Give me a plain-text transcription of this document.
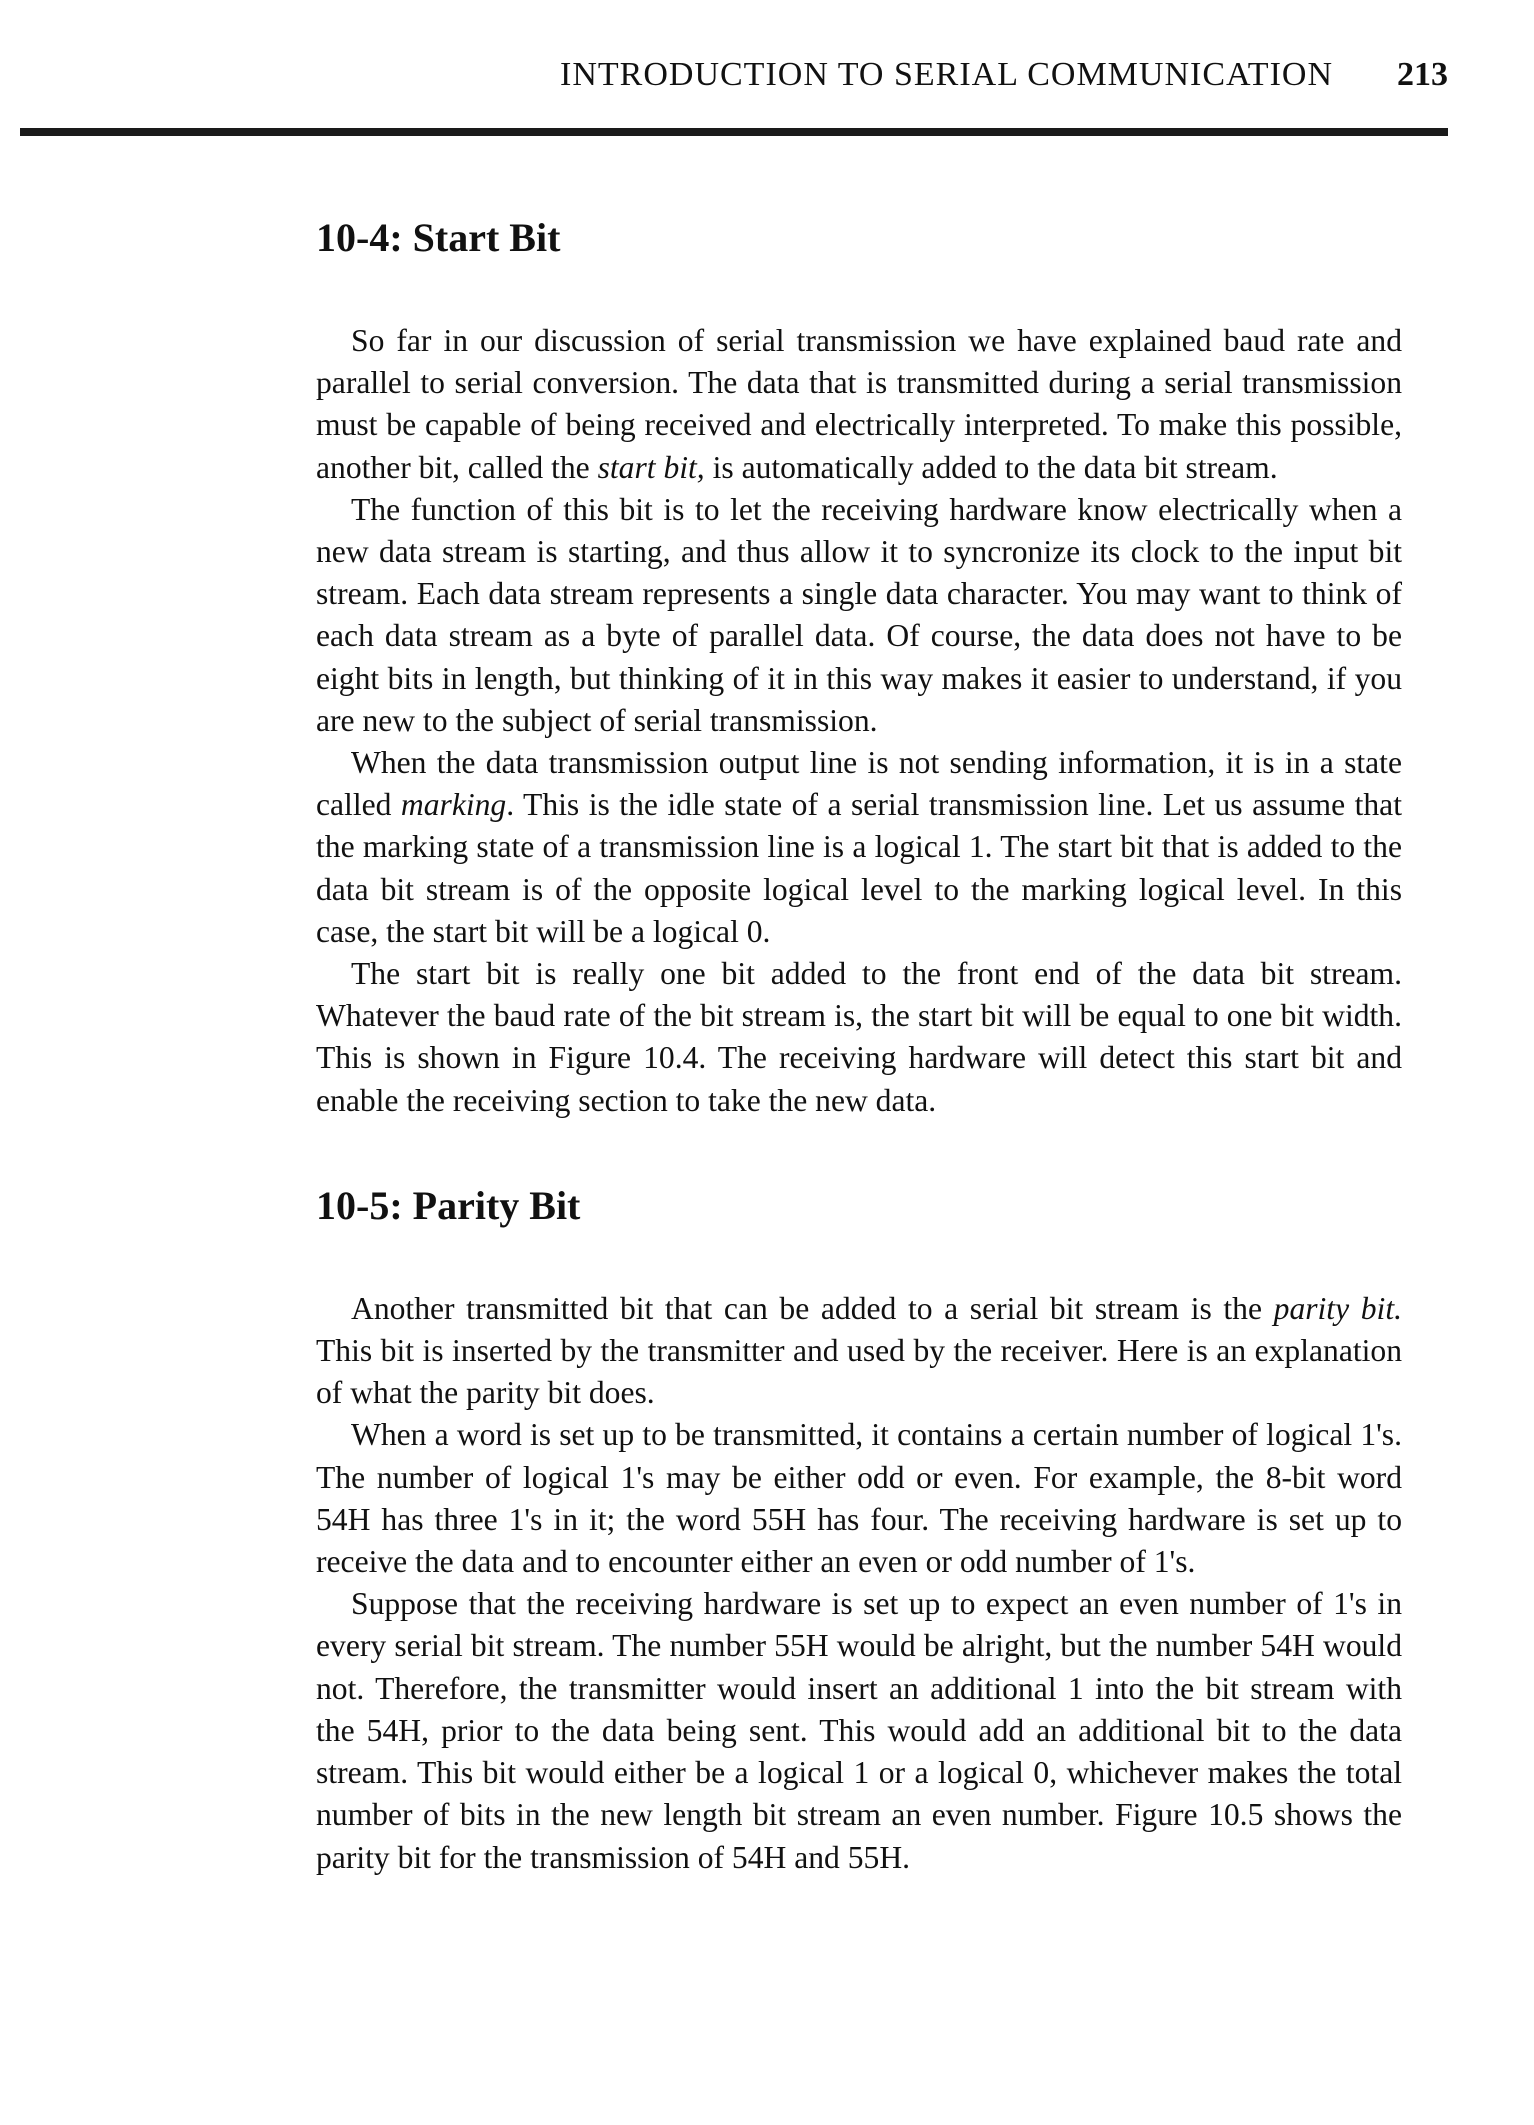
INTRODUCTION TO SERIAL COMMUNICATION 213
10-4: Start Bit

So far in our discussion of serial transmission we have explained baud rate and parallel to serial conversion. The data that is transmitted during a serial transmission must be capable of being received and electrically interpreted. To make this possible, another bit, called the start bit, is automatically added to the data bit stream.

The function of this bit is to let the receiving hardware know electrically when a new data stream is starting, and thus allow it to syncronize its clock to the input bit stream. Each data stream represents a single data character. You may want to think of each data stream as a byte of parallel data. Of course, the data does not have to be eight bits in length, but thinking of it in this way makes it easier to understand, if you are new to the subject of serial transmission.

When the data transmission output line is not sending information, it is in a state called marking. This is the idle state of a serial transmission line. Let us assume that the marking state of a transmission line is a logical 1. The start bit that is added to the data bit stream is of the opposite logical level to the marking logical level. In this case, the start bit will be a logical 0.

The start bit is really one bit added to the front end of the data bit stream. Whatever the baud rate of the bit stream is, the start bit will be equal to one bit width. This is shown in Figure 10.4. The receiving hardware will detect this start bit and enable the receiving section to take the new data.

10-5: Parity Bit

Another transmitted bit that can be added to a serial bit stream is the parity bit. This bit is inserted by the transmitter and used by the receiver. Here is an explanation of what the parity bit does.

When a word is set up to be transmitted, it contains a certain number of logical 1's. The number of logical 1's may be either odd or even. For example, the 8-bit word 54H has three 1's in it; the word 55H has four. The receiving hardware is set up to receive the data and to encounter either an even or odd number of 1's.

Suppose that the receiving hardware is set up to expect an even number of 1's in every serial bit stream. The number 55H would be alright, but the number 54H would not. Therefore, the transmitter would insert an additional 1 into the bit stream with the 54H, prior to the data being sent. This would add an additional bit to the data stream. This bit would either be a logical 1 or a logical 0, whichever makes the total number of bits in the new length bit stream an even number. Figure 10.5 shows the parity bit for the transmission of 54H and 55H.
